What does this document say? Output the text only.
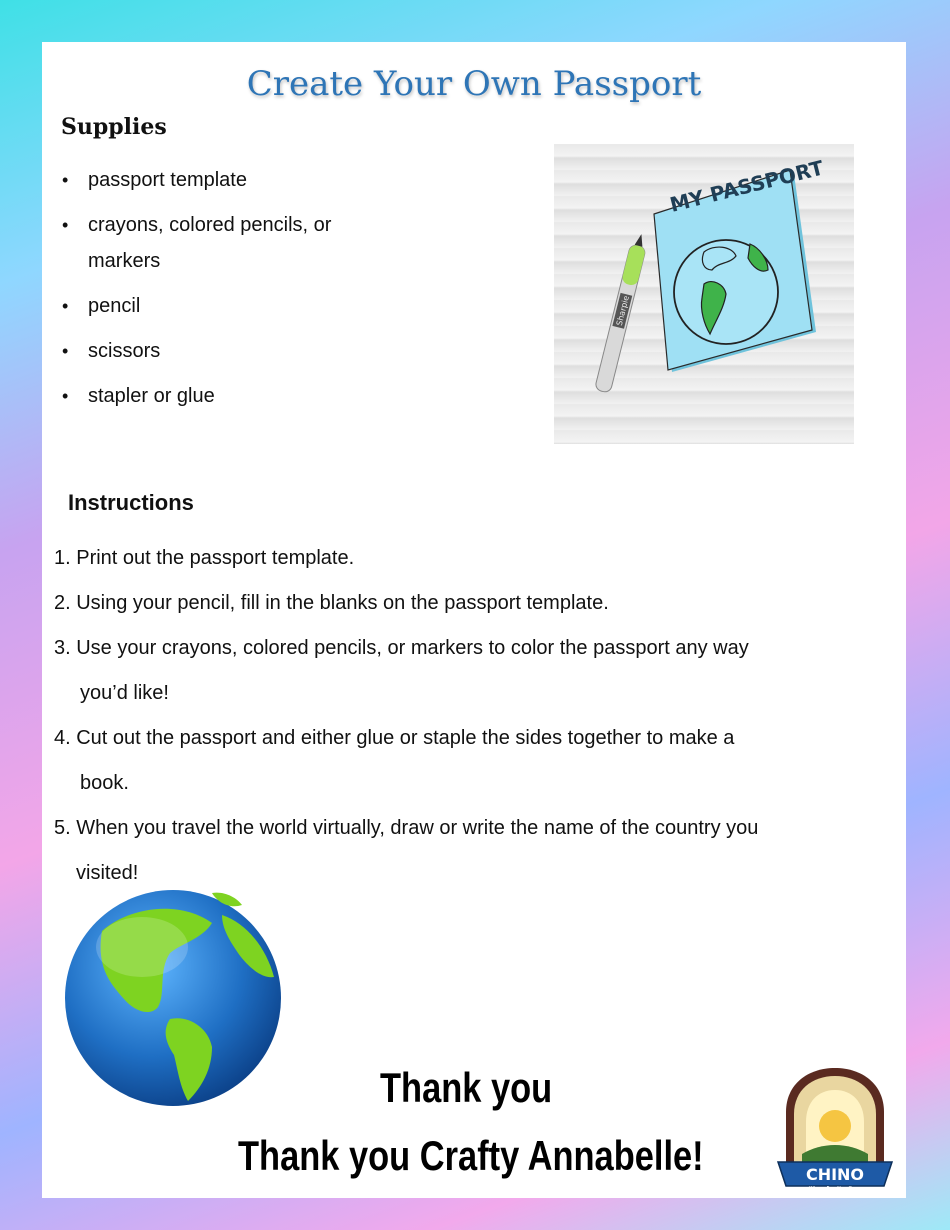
Create Your Own Passport
Supplies
• passport template
• crayons, colored pencils, or markers
• pencil
• scissors
• stapler or glue
MY PASSPORT
Sharpie
Instructions
1. Print out the passport template.
2. Using your pencil, fill in the blanks on the passport template.
3. Use your crayons, colored pencils, or markers to color the passport any way
you’d like!
4. Cut out the passport and either glue or staple the sides together to make a
book.
5. When you travel the world virtually, draw or write the name of the country you
visited!
Thank you
Thank you Crafty Annabelle!	CHINO
Where Families Grow
